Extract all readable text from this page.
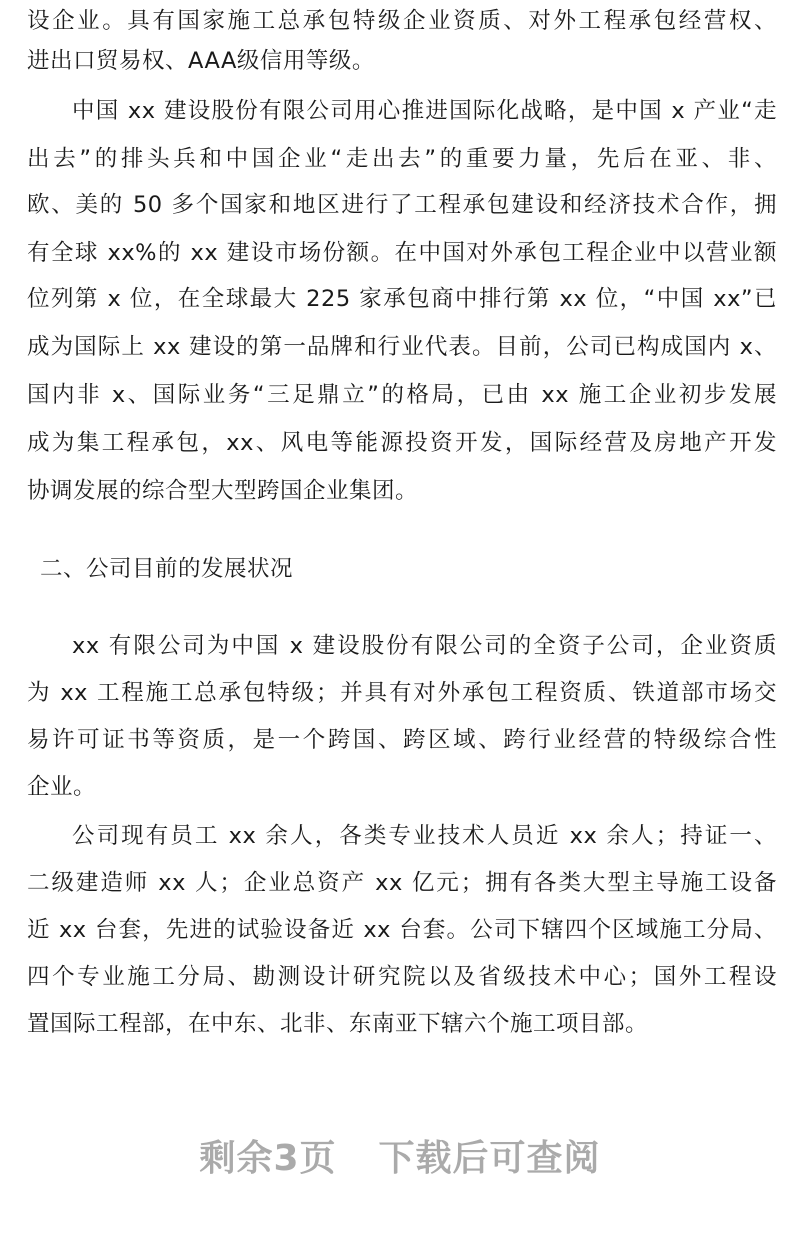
设企业。具有国家施工总承包特级企业资质、对外工程承包经营权、
进出口贸易权、AAA级信用等级。
中国 xx 建设股份有限公司用心推进国际化战略，是中国 x 产业“走
出去”的排头兵和中国企业“走出去”的重要力量，先后在亚、非、
欧、美的 50 多个国家和地区进行了工程承包建设和经济技术合作，拥
有全球 xx%的 xx 建设市场份额。在中国对外承包工程企业中以营业额
位列第 x 位，在全球最大 225 家承包商中排行第 xx 位，“中国 xx”已
成为国际上 xx 建设的第一品牌和行业代表。目前，公司已构成国内 x、
国内非 x、国际业务“三足鼎立”的格局，已由 xx 施工企业初步发展
成为集工程承包，xx、风电等能源投资开发，国际经营及房地产开发
协调发展的综合型大型跨国企业集团。
二、公司目前的发展状况
xx 有限公司为中国 x 建设股份有限公司的全资子公司，企业资质
为 xx 工程施工总承包特级；并具有对外承包工程资质、铁道部市场交
易许可证书等资质，是一个跨国、跨区域、跨行业经营的特级综合性
企业。
公司现有员工 xx 余人，各类专业技术人员近 xx 余人；持证一、
二级建造师 xx 人；企业总资产 xx 亿元；拥有各类大型主导施工设备
近 xx 台套，先进的试验设备近 xx 台套。公司下辖四个区域施工分局、
四个专业施工分局、勘测设计研究院以及省级技术中心；国外工程设
置国际工程部，在中东、北非、东南亚下辖六个施工项目部。
剩余3页 下载后可查阅
